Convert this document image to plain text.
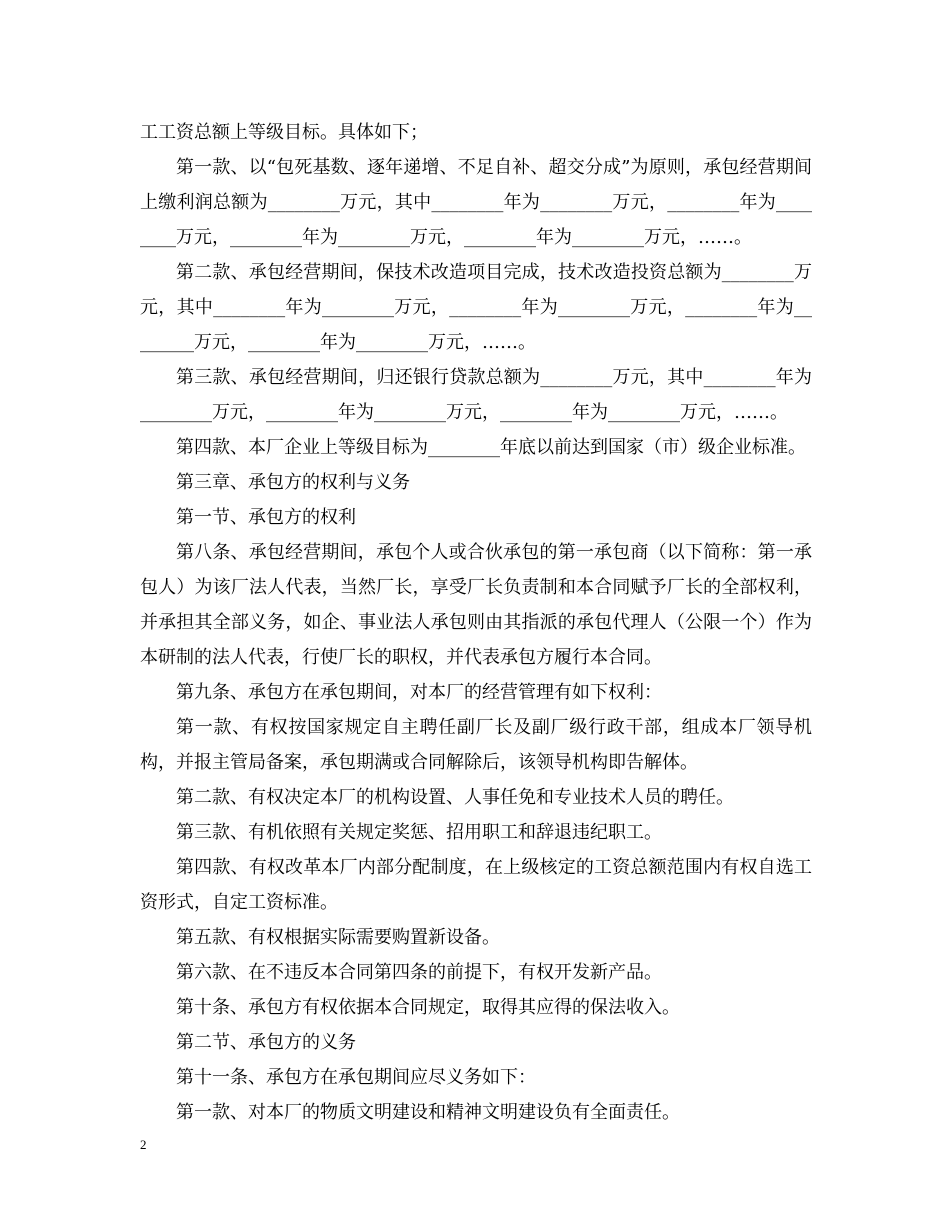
工工资总额上等级目标。具体如下；

第一款、以“包死基数、逐年递增、不足自补、超交分成”为原则，承包经营期间上缴利润总额为________万元，其中________年为________万元，________年为________万元，________年为________万元，________年为________万元，……。

第二款、承包经营期间，保技术改造项目完成，技术改造投资总额为________万元，其中________年为________万元，________年为________万元，________年为________万元，________年为________万元，……。

第三款、承包经营期间，归还银行贷款总额为________万元，其中________年为________万元，________年为________万元，________年为________万元，……。

第四款、本厂企业上等级目标为________年底以前达到国家（市）级企业标准。

第三章、承包方的权利与义务

第一节、承包方的权利

第八条、承包经营期间，承包个人或合伙承包的第一承包商（以下简称：第一承包人）为该厂法人代表，当然厂长，享受厂长负责制和本合同赋予厂长的全部权利，并承担其全部义务，如企、事业法人承包则由其指派的承包代理人（公限一个）作为本研制的法人代表，行使厂长的职权，并代表承包方履行本合同。

第九条、承包方在承包期间，对本厂的经营管理有如下权利：

第一款、有权按国家规定自主聘任副厂长及副厂级行政干部，组成本厂领导机构，并报主管局备案，承包期满或合同解除后，该领导机构即告解体。

第二款、有权决定本厂的机构设置、人事任免和专业技术人员的聘任。

第三款、有机依照有关规定奖惩、招用职工和辞退违纪职工。

第四款、有权改革本厂内部分配制度，在上级核定的工资总额范围内有权自选工资形式，自定工资标准。

第五款、有权根据实际需要购置新设备。

第六款、在不违反本合同第四条的前提下，有权开发新产品。

第十条、承包方有权依据本合同规定，取得其应得的保法收入。

第二节、承包方的义务

第十一条、承包方在承包期间应尽义务如下：

第一款、对本厂的物质文明建设和精神文明建设负有全面责任。

2
